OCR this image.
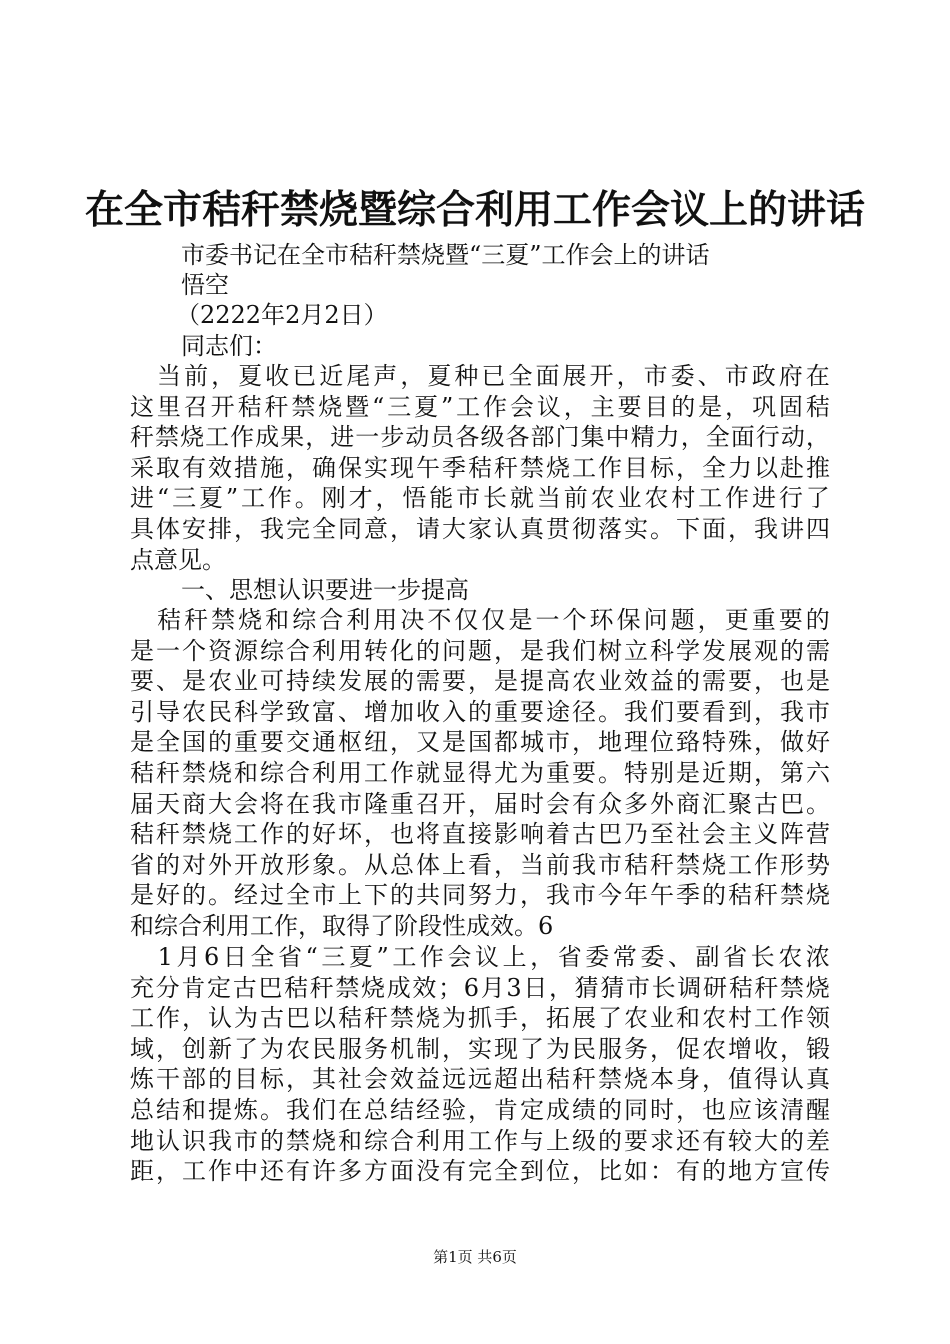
在全市秸秆禁烧暨综合利用工作会议上的讲话

市委书记在全市秸秆禁烧暨“三夏”工作会上的讲话

悟空

（2222年2月2日）

同志们：

当 前 ， 夏 收 已 近 尾 声 ， 夏 种 已 全 面 展 开 ， 市 委 、 市 政 府 在
这 里 召 开 秸 秆 禁 烧 暨 “ 三 夏 ” 工 作 会 议 ， 主 要 目 的 是 ， 巩 固 秸
秆 禁 烧 工 作 成 果 ， 进 一 步 动 员 各 级 各 部 门 集 中 精 力 ， 全 面 行 动 ，
采 取 有 效 措 施 ， 确 保 实 现 午 季 秸 秆 禁 烧 工 作 目 标 ， 全 力 以 赴 推
进 “ 三 夏 ” 工 作 。 刚 才 ， 悟 能 市 长 就 当 前 农 业 农 村 工 作 进 行 了
具 体 安 排 ， 我 完 全 同 意 ， 请 大 家 认 真 贯 彻 落 实 。 下 面 ， 我 讲 四
点 意 见 。

一、思想认识要进一步提高

秸 秆 禁 烧 和 综 合 利 用 决 不 仅 仅 是 一 个 环 保 问 题 ， 更 重 要 的
是 一 个 资 源 综 合 利 用 转 化 的 问 题 ， 是 我 们 树 立 科 学 发 展 观 的 需
要 、 是 农 业 可 持 续 发 展 的 需 要 ， 是 提 高 农 业 效 益 的 需 要 ， 也 是
引 导 农 民 科 学 致 富 、 增 加 收 入 的 重 要 途 径 。 我 们 要 看 到 ， 我 市
是 全 国 的 重 要 交 通 枢 纽 ， 又 是 国 都 城 市 ， 地 理 位 臵 特 殊 ， 做 好
秸 秆 禁 烧 和 综 合 利 用 工 作 就 显 得 尤 为 重 要 。 特 别 是 近 期 ， 第 六
届 天 商 大 会 将 在 我 市 隆 重 召 开 ， 届 时 会 有 众 多 外 商 汇 聚 古 巴 。
秸 秆 禁 烧 工 作 的 好 坏 ， 也 将 直 接 影 响 着 古 巴 乃 至 社 会 主 义 阵 营
省 的 对 外 开 放 形 象 。 从 总 体 上 看 ， 当 前 我 市 秸 秆 禁 烧 工 作 形 势
是 好 的 。 经 过 全 市 上 下 的 共 同 努 力 ， 我 市 今 年 午 季 的 秸 秆 禁 烧
和 综 合 利 用 工 作 ， 取 得 了 阶 段 性 成 效 。 6

1 月 6 日 全 省 “ 三 夏 ” 工 作 会 议 上 ， 省 委 常 委 、 副 省 长 农 浓
充 分 肯 定 古 巴 秸 秆 禁 烧 成 效 ； 6 月 3 日 ， 猜 猜 市 长 调 研 秸 秆 禁 烧
工 作 ， 认 为 古 巴 以 秸 秆 禁 烧 为 抓 手 ， 拓 展 了 农 业 和 农 村 工 作 领
域 ， 创 新 了 为 农 民 服 务 机 制 ， 实 现 了 为 民 服 务 ， 促 农 增 收 ， 锻
炼 干 部 的 目 标 ， 其 社 会 效 益 远 远 超 出 秸 秆 禁 烧 本 身 ， 值 得 认 真
总 结 和 提 炼 。 我 们 在 总 结 经 验 ， 肯 定 成 绩 的 同 时 ， 也 应 该 清 醒
地 认 识 我 市 的 禁 烧 和 综 合 利 用 工 作 与 上 级 的 要 求 还 有 较 大 的 差
距 ， 工 作 中 还 有 许 多 方 面 没 有 完 全 到 位 ， 比 如 ： 有 的 地 方 宣 传

第1页 共6页
